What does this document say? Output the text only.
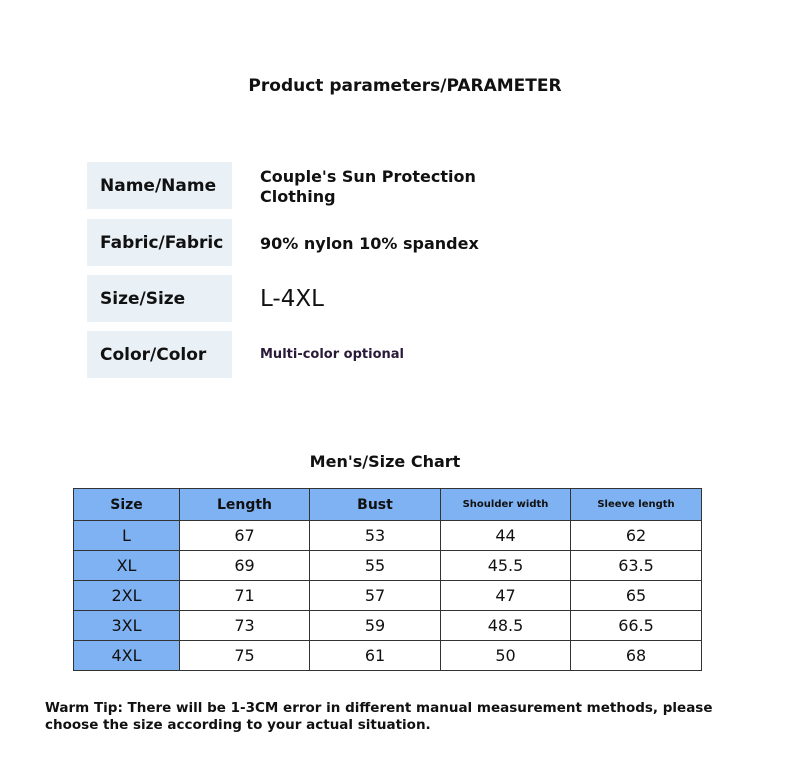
Product parameters/PARAMETER
Name/Name	Couple's Sun Protection Clothing
Fabric/Fabric	90% nylon 10% spandex
Size/Size	L-4XL
Color/Color	Multi-color optional
Men's/Size Chart
Size	Length	Bust	Shoulder width	Sleeve length
L	67	53	44	62
XL	69	55	45.5	63.5
2XL	71	57	47	65
3XL	73	59	48.5	66.5
4XL	75	61	50	68
Warm Tip: There will be 1-3CM error in different manual measurement methods, please choose the size according to your actual situation.
